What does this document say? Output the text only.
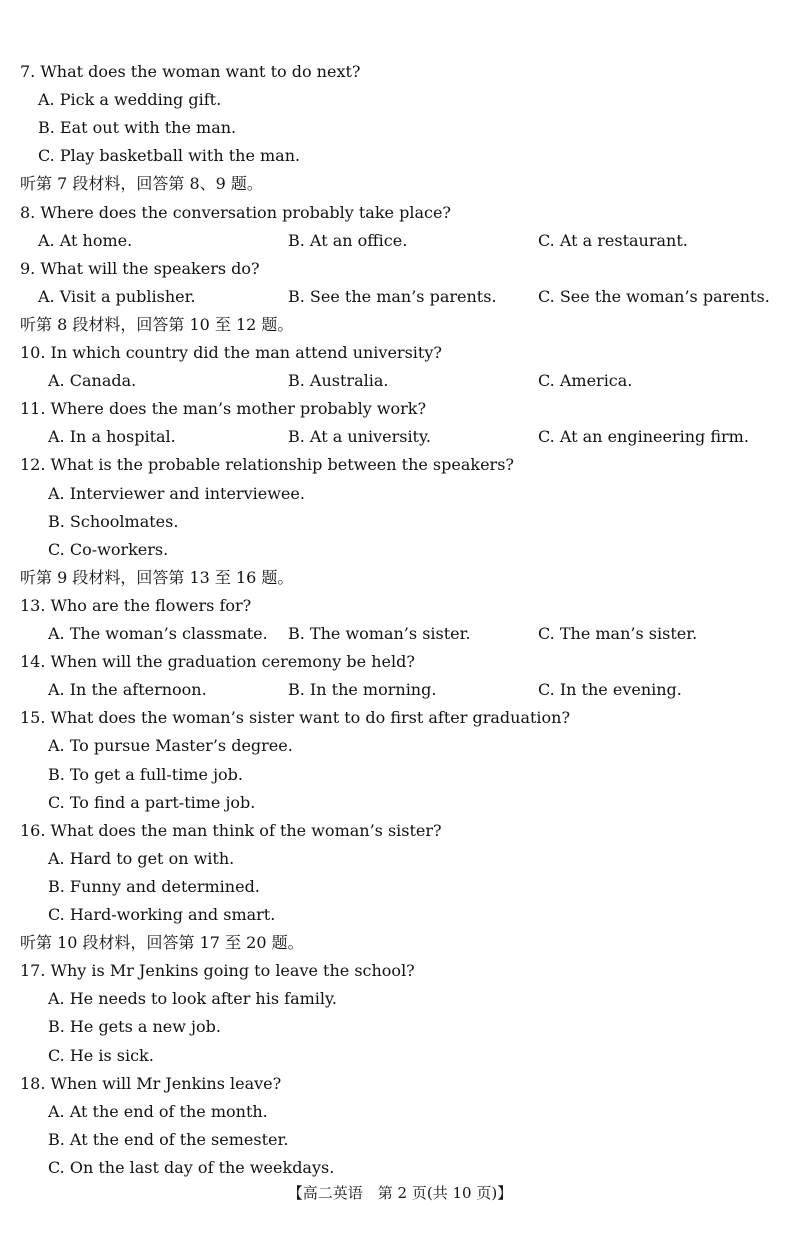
7. What does the woman want to do next?
A. Pick a wedding gift.
B. Eat out with the man.
C. Play basketball with the man.
听第 7 段材料，回答第 8、9 题。
8. Where does the conversation probably take place?
A. At home.	B. At an office.	C. At a restaurant.
9. What will the speakers do?
A. Visit a publisher.	B. See the man’s parents.	C. See the woman’s parents.
听第 8 段材料，回答第 10 至 12 题。
10. In which country did the man attend university?
A. Canada.	B. Australia.	C. America.
11. Where does the man’s mother probably work?
A. In a hospital.	B. At a university.	C. At an engineering firm.
12. What is the probable relationship between the speakers?
A. Interviewer and interviewee.
B. Schoolmates.
C. Co-workers.
听第 9 段材料，回答第 13 至 16 题。
13. Who are the flowers for?
A. The woman’s classmate. B. The woman’s sister.	C. The man’s sister.
14. When will the graduation ceremony be held?
A. In the afternoon.	B. In the morning.	C. In the evening.
15. What does the woman’s sister want to do first after graduation?
A. To pursue Master’s degree.
B. To get a full-time job.
C. To find a part-time job.
16. What does the man think of the woman’s sister?
A. Hard to get on with.
B. Funny and determined.
C. Hard-working and smart.
听第 10 段材料，回答第 17 至 20 题。
17. Why is Mr Jenkins going to leave the school?
A. He needs to look after his family.
B. He gets a new job.
C. He is sick.
18. When will Mr Jenkins leave?
A. At the end of the month.
B. At the end of the semester.
C. On the last day of the weekdays.
【高二英语　第 2 页(共 10 页)】
